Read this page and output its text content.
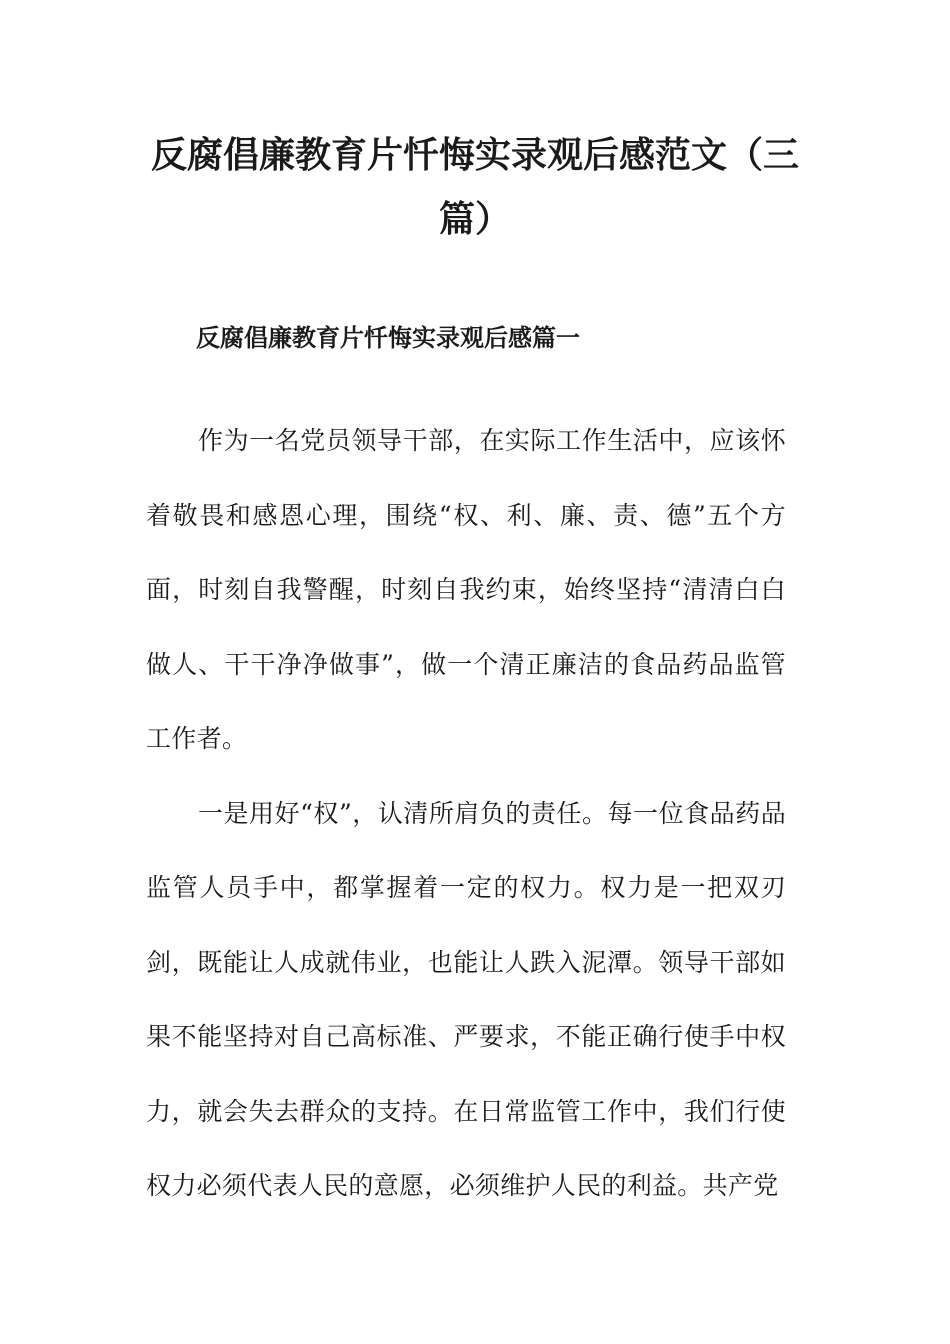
反腐倡廉教育片忏悔实录观后感范文（三篇）
反腐倡廉教育片忏悔实录观后感篇一

作为一名党员领导干部，在实际工作生活中，应该怀着敬畏和感恩心理，围绕“权、利、廉、责、德”五个方面，时刻自我警醒，时刻自我约束，始终坚持“清清白白做人、干干净净做事”，做一个清正廉洁的食品药品监管工作者。

一是用好“权”，认清所肩负的责任。每一位食品药品监管人员手中，都掌握着一定的权力。权力是一把双刃剑，既能让人成就伟业，也能让人跌入泥潭。领导干部如果不能坚持对自己高标准、严要求，不能正确行使手中权力，就会失去群众的支持。在日常监管工作中，我们行使权力必须代表人民的意愿，必须维护人民的利益。共产党
